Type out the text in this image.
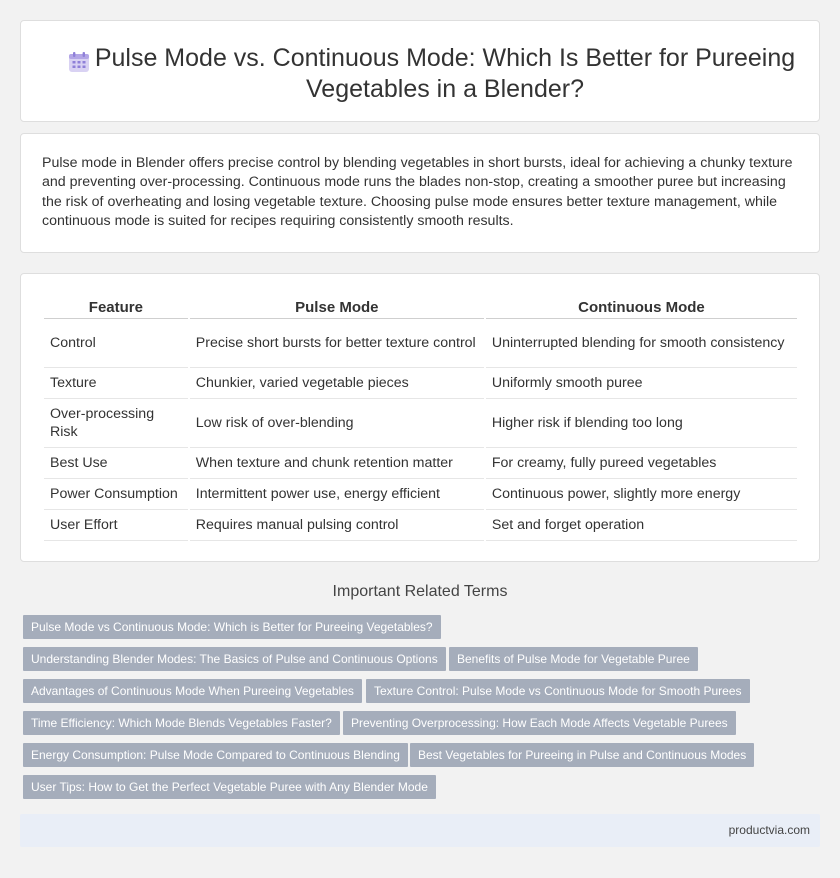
Pulse Mode vs. Continuous Mode: Which Is Better for Pureeing Vegetables in a Blender?

Pulse mode in Blender offers precise control by blending vegetables in short bursts, ideal for achieving a chunky texture and preventing over-processing. Continuous mode runs the blades non-stop, creating a smoother puree but increasing the risk of overheating and losing vegetable texture. Choosing pulse mode ensures better texture management, while continuous mode is suited for recipes requiring consistently smooth results.

Feature	Pulse Mode	Continuous Mode
Control	Precise short bursts for better texture control	Uninterrupted blending for smooth consistency
Texture	Chunkier, varied vegetable pieces	Uniformly smooth puree
Over-processing Risk	Low risk of over-blending	Higher risk if blending too long
Best Use	When texture and chunk retention matter	For creamy, fully pureed vegetables
Power Consumption	Intermittent power use, energy efficient	Continuous power, slightly more energy
User Effort	Requires manual pulsing control	Set and forget operation
Important Related Terms
Pulse Mode vs Continuous Mode: Which is Better for Pureeing Vegetables?
Understanding Blender Modes: The Basics of Pulse and Continuous Options	Benefits of Pulse Mode for Vegetable Puree
Advantages of Continuous Mode When Pureeing Vegetables	Texture Control: Pulse Mode vs Continuous Mode for Smooth Purees
Time Efficiency: Which Mode Blends Vegetables Faster?	Preventing Overprocessing: How Each Mode Affects Vegetable Purees
Energy Consumption: Pulse Mode Compared to Continuous Blending	Best Vegetables for Pureeing in Pulse and Continuous Modes
User Tips: How to Get the Perfect Vegetable Puree with Any Blender Mode
productvia.com
